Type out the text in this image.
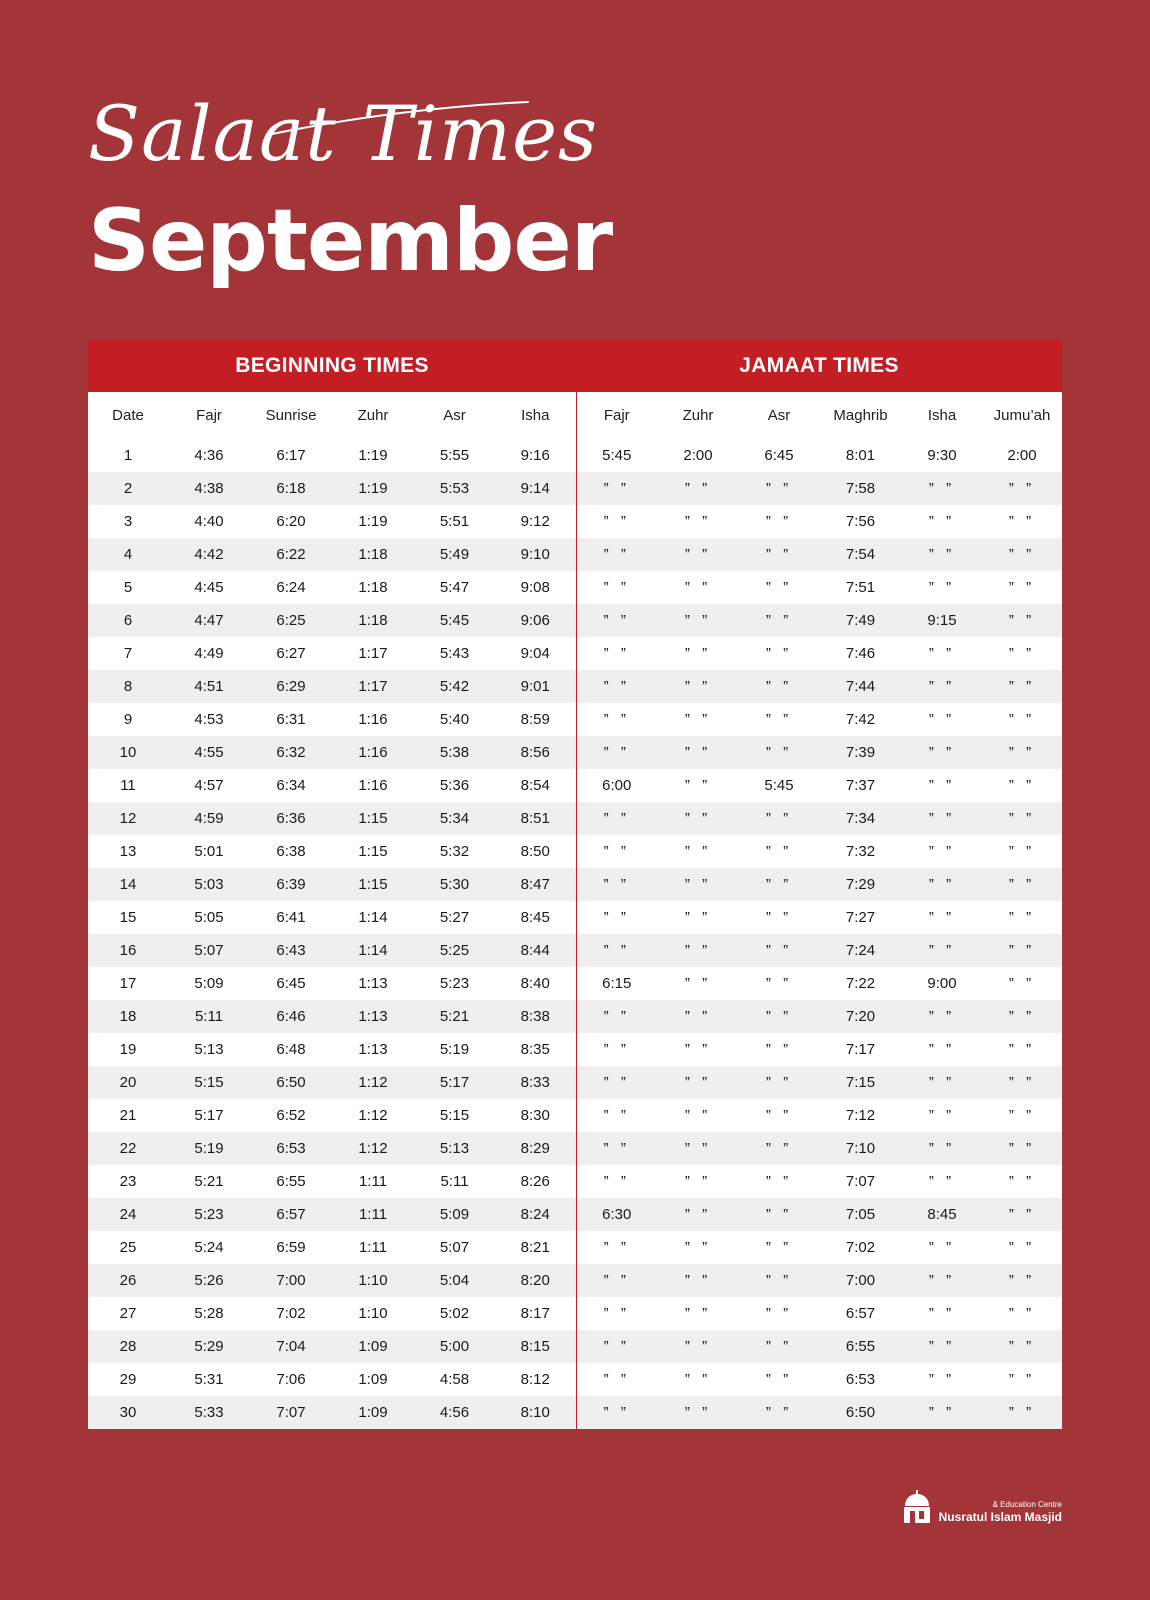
Salaat Times
September
BEGINNING TIMES	JAMAAT TIMES
Date	Fajr	Sunrise	Zuhr	Asr	Isha	Fajr	Zuhr	Asr	Maghrib	Isha	Jumu’ah
1	4:36	6:17	1:19	5:55	9:16	5:45	2:00	6:45	8:01	9:30	2:00
2	4:38	6:18	1:19	5:53	9:14	” ”	” ”	” ”	7:58	” ”	” ”
3	4:40	6:20	1:19	5:51	9:12	” ”	” ”	” ”	7:56	” ”	” ”
4	4:42	6:22	1:18	5:49	9:10	” ”	” ”	” ”	7:54	” ”	” ”
5	4:45	6:24	1:18	5:47	9:08	” ”	” ”	” ”	7:51	” ”	” ”
6	4:47	6:25	1:18	5:45	9:06	” ”	” ”	” ”	7:49	9:15	” ”
7	4:49	6:27	1:17	5:43	9:04	” ”	” ”	” ”	7:46	” ”	” ”
8	4:51	6:29	1:17	5:42	9:01	” ”	” ”	” ”	7:44	” ”	” ”
9	4:53	6:31	1:16	5:40	8:59	” ”	” ”	” ”	7:42	” ”	” ”
10	4:55	6:32	1:16	5:38	8:56	” ”	” ”	” ”	7:39	” ”	” ”
11	4:57	6:34	1:16	5:36	8:54	6:00	” ”	5:45	7:37	” ”	” ”
12	4:59	6:36	1:15	5:34	8:51	” ”	” ”	” ”	7:34	” ”	” ”
13	5:01	6:38	1:15	5:32	8:50	” ”	” ”	” ”	7:32	” ”	” ”
14	5:03	6:39	1:15	5:30	8:47	” ”	” ”	” ”	7:29	” ”	” ”
15	5:05	6:41	1:14	5:27	8:45	” ”	” ”	” ”	7:27	” ”	” ”
16	5:07	6:43	1:14	5:25	8:44	” ”	” ”	” ”	7:24	” ”	” ”
17	5:09	6:45	1:13	5:23	8:40	6:15	” ”	” ”	7:22	9:00	” ”
18	5:11	6:46	1:13	5:21	8:38	” ”	” ”	” ”	7:20	” ”	” ”
19	5:13	6:48	1:13	5:19	8:35	” ”	” ”	” ”	7:17	” ”	” ”
20	5:15	6:50	1:12	5:17	8:33	” ”	” ”	” ”	7:15	” ”	” ”
21	5:17	6:52	1:12	5:15	8:30	” ”	” ”	” ”	7:12	” ”	” ”
22	5:19	6:53	1:12	5:13	8:29	” ”	” ”	” ”	7:10	” ”	” ”
23	5:21	6:55	1:11	5:11	8:26	” ”	” ”	” ”	7:07	” ”	” ”
24	5:23	6:57	1:11	5:09	8:24	6:30	” ”	” ”	7:05	8:45	” ”
25	5:24	6:59	1:11	5:07	8:21	” ”	” ”	” ”	7:02	” ”	” ”
26	5:26	7:00	1:10	5:04	8:20	” ”	” ”	” ”	7:00	” ”	” ”
27	5:28	7:02	1:10	5:02	8:17	” ”	” ”	” ”	6:57	” ”	” ”
28	5:29	7:04	1:09	5:00	8:15	” ”	” ”	” ”	6:55	” ”	” ”
29	5:31	7:06	1:09	4:58	8:12	” ”	” ”	” ”	6:53	” ”	” ”
30	5:33	7:07	1:09	4:56	8:10	” ”	” ”	” ”	6:50	” ”	” ”
& Education Centre
Nusratul Islam Masjid
